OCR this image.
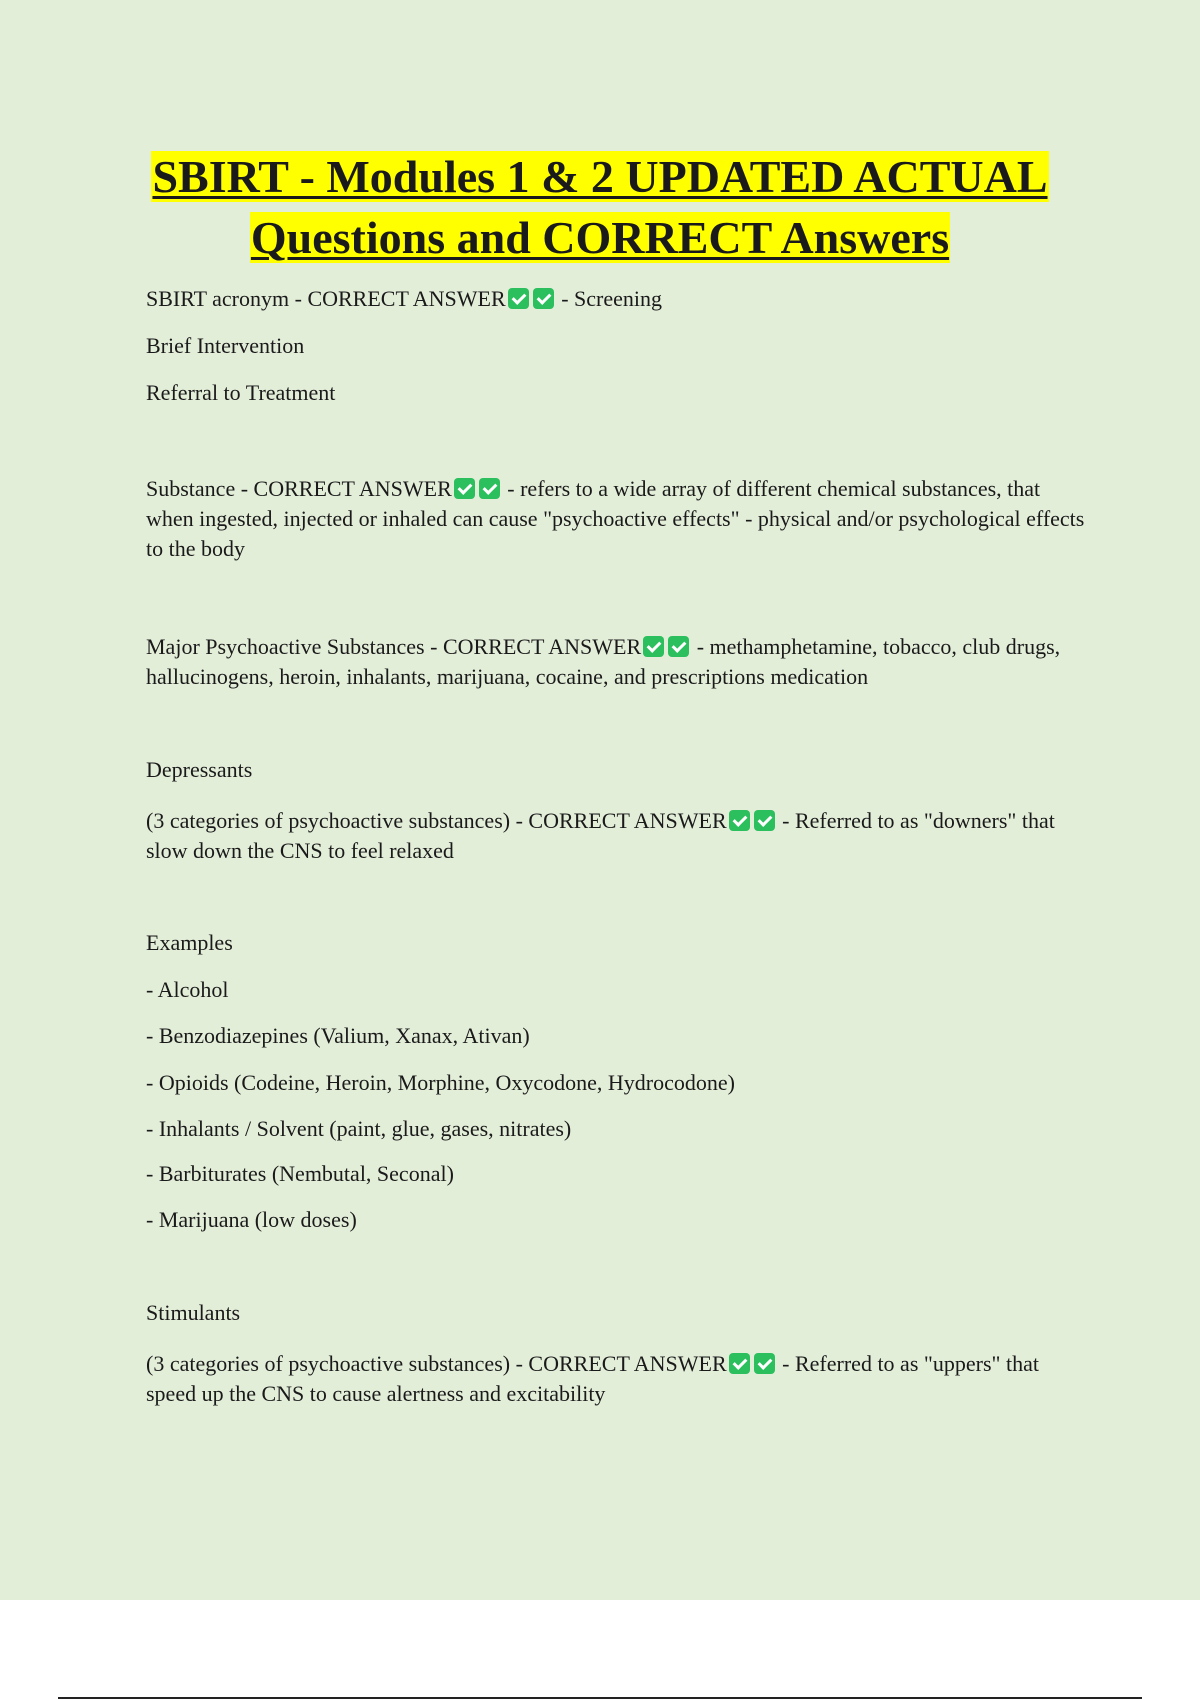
SBIRT - Modules 1 & 2 UPDATED ACTUAL
Questions and CORRECT Answers

SBIRT acronym - CORRECT ANSWER - Screening

Brief Intervention

Referral to Treatment

Substance - CORRECT ANSWER - refers to a wide array of different chemical substances, that when ingested, injected or inhaled can cause "psychoactive effects" - physical and/or psychological effects to the body

Major Psychoactive Substances - CORRECT ANSWER - methamphetamine, tobacco, club drugs, hallucinogens, heroin, inhalants, marijuana, cocaine, and prescriptions medication

Depressants

(3 categories of psychoactive substances) - CORRECT ANSWER - Referred to as "downers" that slow down the CNS to feel relaxed

Examples

- Alcohol

- Benzodiazepines (Valium, Xanax, Ativan)

- Opioids (Codeine, Heroin, Morphine, Oxycodone, Hydrocodone)

- Inhalants / Solvent (paint, glue, gases, nitrates)

- Barbiturates (Nembutal, Seconal)

- Marijuana (low doses)

Stimulants

(3 categories of psychoactive substances) - CORRECT ANSWER - Referred to as "uppers" that speed up the CNS to cause alertness and excitability
